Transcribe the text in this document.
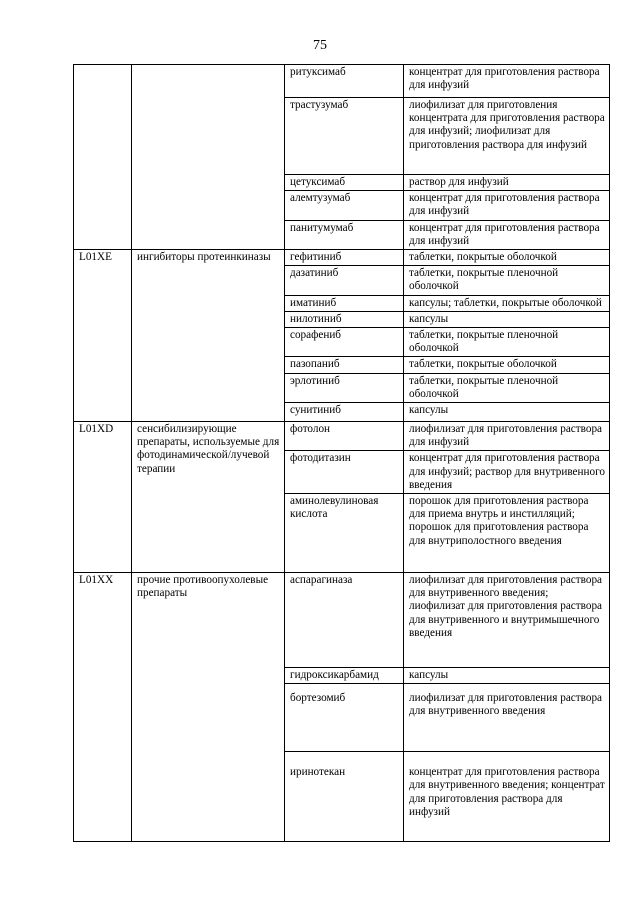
75
		ритуксимаб	концентрат для приготовления раствора для инфузий
		трастузумаб	лиофилизат для приготовления концентрата для приготовления раствора для инфузий; лиофилизат для приготовления раствора для инфузий
		цетуксимаб	раствор для инфузий
		алемтузумаб	концентрат для приготовления раствора для инфузий
		панитумумаб	концентрат для приготовления раствора для инфузий
L01XE	ингибиторы протеинкиназы	гефитиниб	таблетки, покрытые оболочкой
		дазатиниб	таблетки, покрытые пленочной оболочкой
		иматиниб	капсулы; таблетки, покрытые оболочкой
		нилотиниб	капсулы
		сорафениб	таблетки, покрытые пленочной оболочкой
		пазопаниб	таблетки, покрытые оболочкой
		эрлотиниб	таблетки, покрытые пленочной оболочкой
		сунитиниб	капсулы
L01XD	сенсибилизирующие препараты, используемые для фотодинамической/лучевой терапии	фотолон	лиофилизат для приготовления раствора для инфузий
		фотодитазин	концентрат для приготовления раствора для инфузий; раствор для внутривенного введения
		аминолевулиновая кислота	порошок для приготовления раствора для приема внутрь и инстилляций; порошок для приготовления раствора для внутриполостного введения
L01XX	прочие противоопухолевые препараты	аспарагиназа	лиофилизат для приготовления раствора для внутривенного введения; лиофилизат для приготовления раствора для внутривенного и внутримышечного введения
		гидроксикарбамид	капсулы
		бортезомиб	лиофилизат для приготовления раствора для внутривенного введения
		иринотекан	концентрат для приготовления раствора для внутривенного введения; концентрат для приготовления раствора для инфузий
